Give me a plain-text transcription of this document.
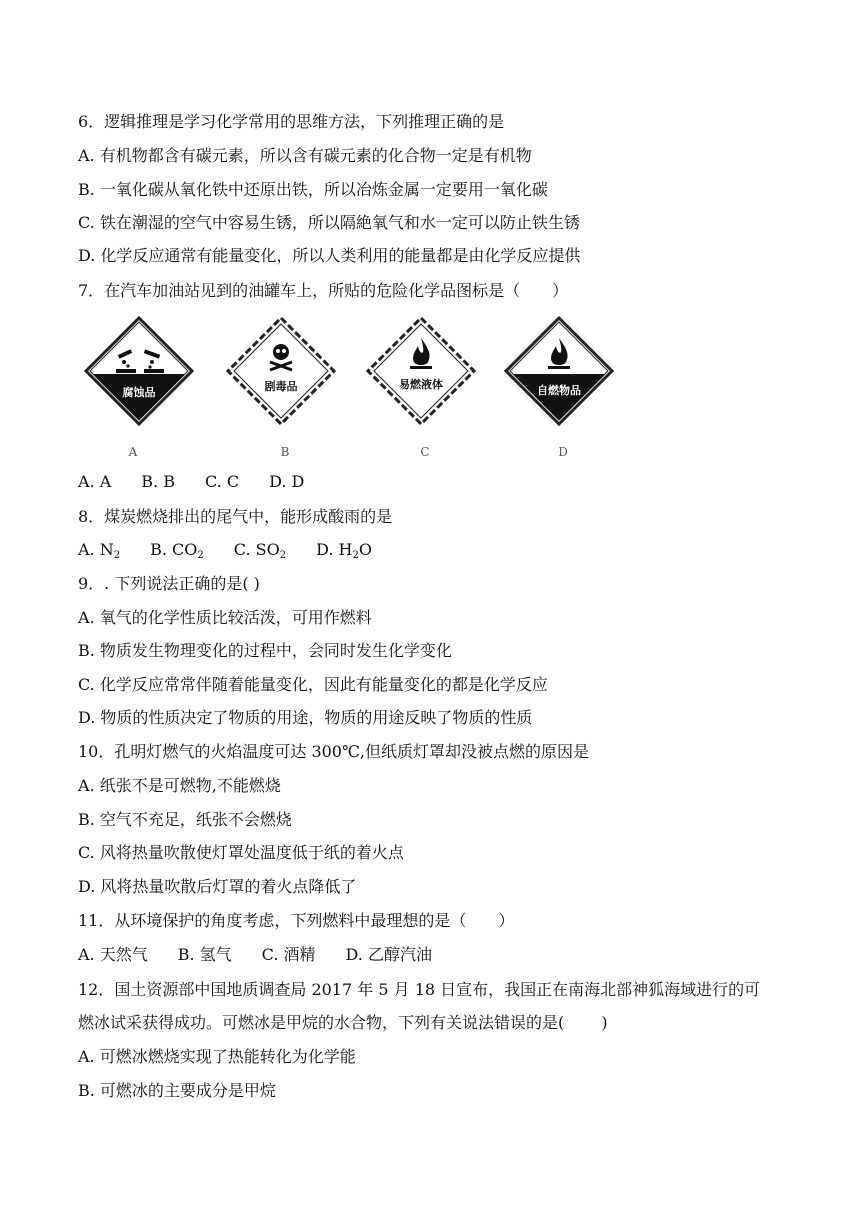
6．逻辑推理是学习化学常用的思维方法，下列推理正确的是
A. 有机物都含有碳元素，所以含有碳元素的化合物一定是有机物
B. 一氧化碳从氧化铁中还原出铁，所以冶炼金属一定要用一氧化碳
C. 铁在潮湿的空气中容易生锈，所以隔絶氧气和水一定可以防止铁生锈
D. 化学反应通常有能量变化，所以人类利用的能量都是由化学反应提供
7．在汽车加油站见到的油罐车上，所贴的危险化学品图标是（　　）
腐蚀品
A
剧毒品
B
易燃液体
C
自燃物品
D
A. A B. B C. C D. D
8．煤炭燃烧排出的尾气中，能形成酸雨的是
A. $N_2$ B. $CO_2$ C. $SO_2$ D. $H_2O$
9．. 下列说法正确的是( )
A. 氧气的化学性质比较活泼，可用作燃料
B. 物质发生物理变化的过程中，会同时发生化学变化
C. 化学反应常常伴随着能量变化，因此有能量变化的都是化学反应
D. 物质的性质决定了物质的用途，物质的用途反映了物质的性质
10．孔明灯燃气的火焰温度可达 300℃,但纸质灯罩却没被点燃的原因是
A. 纸张不是可燃物,不能燃烧
B. 空气不充足，纸张不会燃烧
C. 风将热量吹散使灯罩处温度低于纸的着火点
D. 风将热量吹散后灯罩的着火点降低了
11．从环境保护的角度考虑，下列燃料中最理想的是（　　）
A. 天然气 B. 氢气 C. 酒精 D. 乙醇汽油
12．国土资源部中国地质调查局 2017 年 5 月 18 日宣布，我国正在南海北部神狐海域进行的可
燃冰试采获得成功。可燃冰是甲烷的水合物，下列有关说法错误的是(　　 )
A. 可燃冰燃烧实现了热能转化为化学能
B. 可燃冰的主要成分是甲烷
